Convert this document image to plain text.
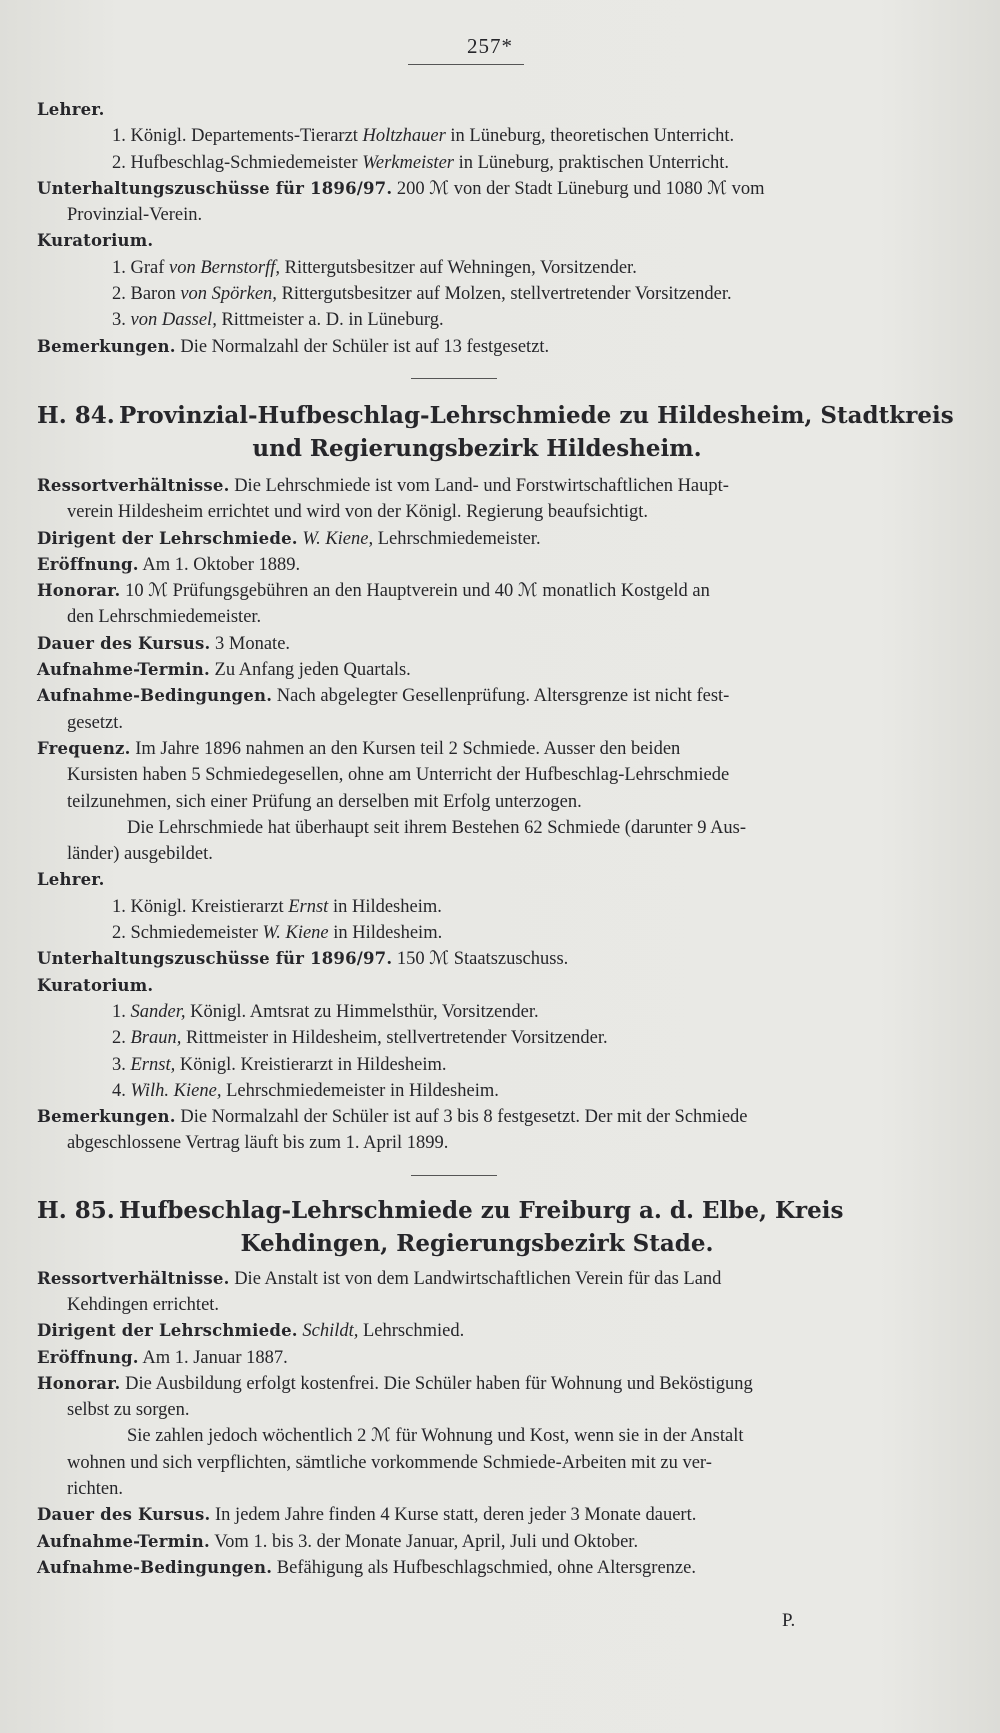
257*
Lehrer.
1. Königl. Departements-Tierarzt Holtzhauer in Lüneburg, theoretischen Unterricht.
2. Hufbeschlag-Schmiedemeister Werkmeister in Lüneburg, praktischen Unterricht.
Unterhaltungszuschüsse für 1896/97. 200 ℳ von der Stadt Lüneburg und 1080 ℳ vom
Provinzial-Verein.
Kuratorium.
1. Graf von Bernstorff, Rittergutsbesitzer auf Wehningen, Vorsitzender.
2. Baron von Spörken, Rittergutsbesitzer auf Molzen, stellvertretender Vorsitzender.
3. von Dassel, Rittmeister a. D. in Lüneburg.
Bemerkungen. Die Normalzahl der Schüler ist auf 13 festgesetzt.
H. 84. Provinzial-Hufbeschlag-Lehrschmiede zu Hildesheim, Stadtkreis
und Regierungsbezirk Hildesheim.
Ressortverhältnisse. Die Lehrschmiede ist vom Land- und Forstwirtschaftlichen Haupt-
verein Hildesheim errichtet und wird von der Königl. Regierung beaufsichtigt.
Dirigent der Lehrschmiede. W. Kiene, Lehrschmiedemeister.
Eröffnung. Am 1. Oktober 1889.
Honorar. 10 ℳ Prüfungsgebühren an den Hauptverein und 40 ℳ monatlich Kostgeld an
den Lehrschmiedemeister.
Dauer des Kursus. 3 Monate.
Aufnahme-Termin. Zu Anfang jeden Quartals.
Aufnahme-Bedingungen. Nach abgelegter Gesellenprüfung. Altersgrenze ist nicht fest-
gesetzt.
Frequenz. Im Jahre 1896 nahmen an den Kursen teil 2 Schmiede. Ausser den beiden
Kursisten haben 5 Schmiedegesellen, ohne am Unterricht der Hufbeschlag-Lehrschmiede
teilzunehmen, sich einer Prüfung an derselben mit Erfolg unterzogen.
Die Lehrschmiede hat überhaupt seit ihrem Bestehen 62 Schmiede (darunter 9 Aus-
länder) ausgebildet.
Lehrer.
1. Königl. Kreistierarzt Ernst in Hildesheim.
2. Schmiedemeister W. Kiene in Hildesheim.
Unterhaltungszuschüsse für 1896/97. 150 ℳ Staatszuschuss.
Kuratorium.
1. Sander, Königl. Amtsrat zu Himmelsthür, Vorsitzender.
2. Braun, Rittmeister in Hildesheim, stellvertretender Vorsitzender.
3. Ernst, Königl. Kreistierarzt in Hildesheim.
4. Wilh. Kiene, Lehrschmiedemeister in Hildesheim.
Bemerkungen. Die Normalzahl der Schüler ist auf 3 bis 8 festgesetzt. Der mit der Schmiede
abgeschlossene Vertrag läuft bis zum 1. April 1899.
H. 85. Hufbeschlag-Lehrschmiede zu Freiburg a. d. Elbe, Kreis
Kehdingen, Regierungsbezirk Stade.
Ressortverhältnisse. Die Anstalt ist von dem Landwirtschaftlichen Verein für das Land
Kehdingen errichtet.
Dirigent der Lehrschmiede. Schildt, Lehrschmied.
Eröffnung. Am 1. Januar 1887.
Honorar. Die Ausbildung erfolgt kostenfrei. Die Schüler haben für Wohnung und Beköstigung
selbst zu sorgen.
Sie zahlen jedoch wöchentlich 2 ℳ für Wohnung und Kost, wenn sie in der Anstalt
wohnen und sich verpflichten, sämtliche vorkommende Schmiede-Arbeiten mit zu ver-
richten.
Dauer des Kursus. In jedem Jahre finden 4 Kurse statt, deren jeder 3 Monate dauert.
Aufnahme-Termin. Vom 1. bis 3. der Monate Januar, April, Juli und Oktober.
Aufnahme-Bedingungen. Befähigung als Hufbeschlagschmied, ohne Altersgrenze.
P.
